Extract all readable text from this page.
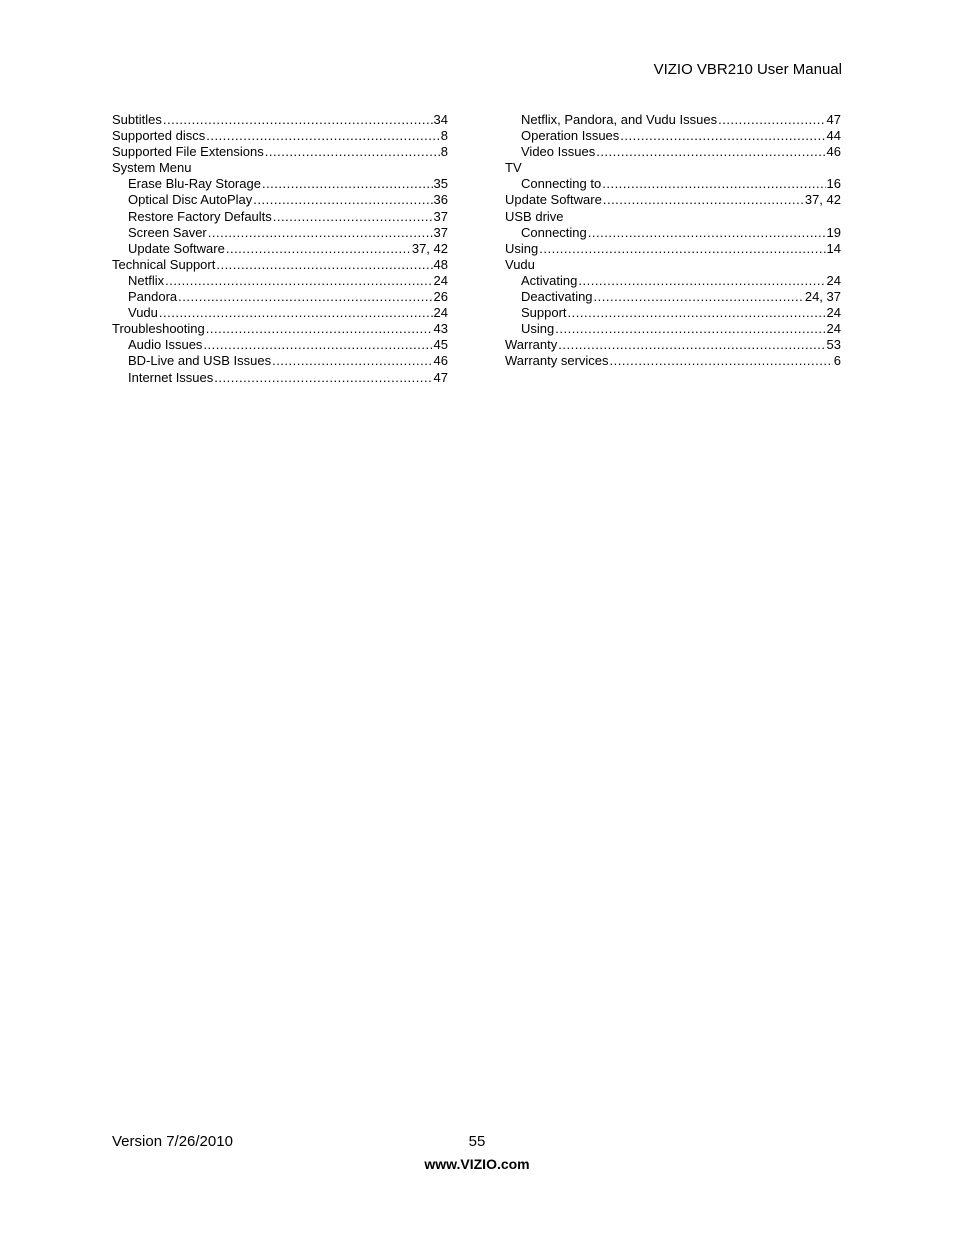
VIZIO VBR210 User Manual
Subtitles .....	34
Supported discs .....	8
Supported File Extensions .....	8
System Menu
Erase Blu-Ray Storage .....	35
Optical Disc AutoPlay .....	36
Restore Factory Defaults .....	37
Screen Saver .....	37
Update Software .....	37, 42
Technical Support .....	48
Netflix .....	24
Pandora .....	26
Vudu .....	24
Troubleshooting .....	43
Audio Issues .....	45
BD-Live and USB Issues .....	46
Internet Issues .....	47
Netflix, Pandora, and Vudu Issues .....	47
Operation Issues .....	44
Video Issues .....	46
TV
Connecting to .....	16
Update Software .....	37, 42
USB drive
Connecting .....	19
Using .....	14
Vudu
Activating .....	24
Deactivating .....	24, 37
Support .....	24
Using .....	24
Warranty .....	53
Warranty services .....	6
Version 7/26/2010	55
www.VIZIO.com
